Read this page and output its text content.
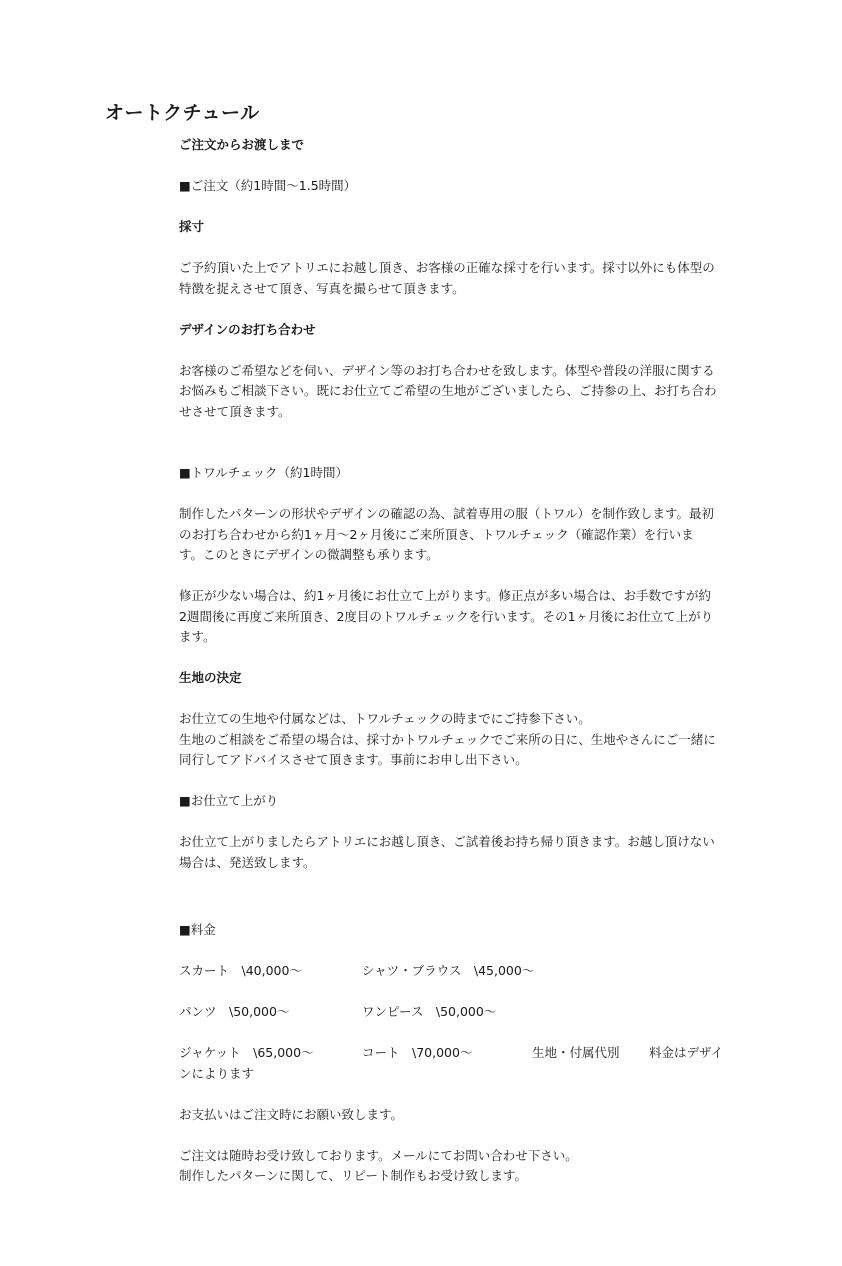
オートクチュール

ご注文からお渡しまで

■ご注文（約1時間〜1.5時間）

採寸

ご予約頂いた上でアトリエにお越し頂き、お客様の正確な採寸を行います。採寸以外にも体型の

特徴を捉えさせて頂き、写真を撮らせて頂きます。

デザインのお打ち合わせ

お客様のご希望などを伺い、デザイン等のお打ち合わせを致します。体型や普段の洋服に関する

お悩みもご相談下さい。既にお仕立てご希望の生地がございましたら、ご持参の上、お打ち合わ

せさせて頂きます。

■トワルチェック（約1時間）

制作したパターンの形状やデザインの確認の為、試着専用の服（トワル）を制作致します。最初

のお打ち合わせから約1ヶ月〜2ヶ月後にご来所頂き、トワルチェック（確認作業）を行いま

す。このときにデザインの微調整も承ります。

修正が少ない場合は、約1ヶ月後にお仕立て上がります。修正点が多い場合は、お手数ですが約

2週間後に再度ご来所頂き、2度目のトワルチェックを行います。その1ヶ月後にお仕立て上がり

ます。

生地の決定

お仕立ての生地や付属などは、トワルチェックの時までにご持参下さい。

生地のご相談をご希望の場合は、採寸かトワルチェックでご来所の日に、生地やさんにご一緒に

同行してアドバイスさせて頂きます。事前にお申し出下さい。

■お仕立て上がり

お仕立て上がりましたらアトリエにお越し頂き、ご試着後お持ち帰り頂きます。お越し頂けない

場合は、発送致します。

■料金

スカート　\40,000〜	シャツ・ブラウス　\45,000〜
パンツ　\50,000〜	ワンピース　\50,000〜
ジャケット　\65,000〜	コート　\70,000〜	生地・付属代別 料金はデザイ
ンによります

お支払いはご注文時にお願い致します。

ご注文は随時お受け致しております。メールにてお問い合わせ下さい。

制作したパターンに関して、リピート制作もお受け致します。
